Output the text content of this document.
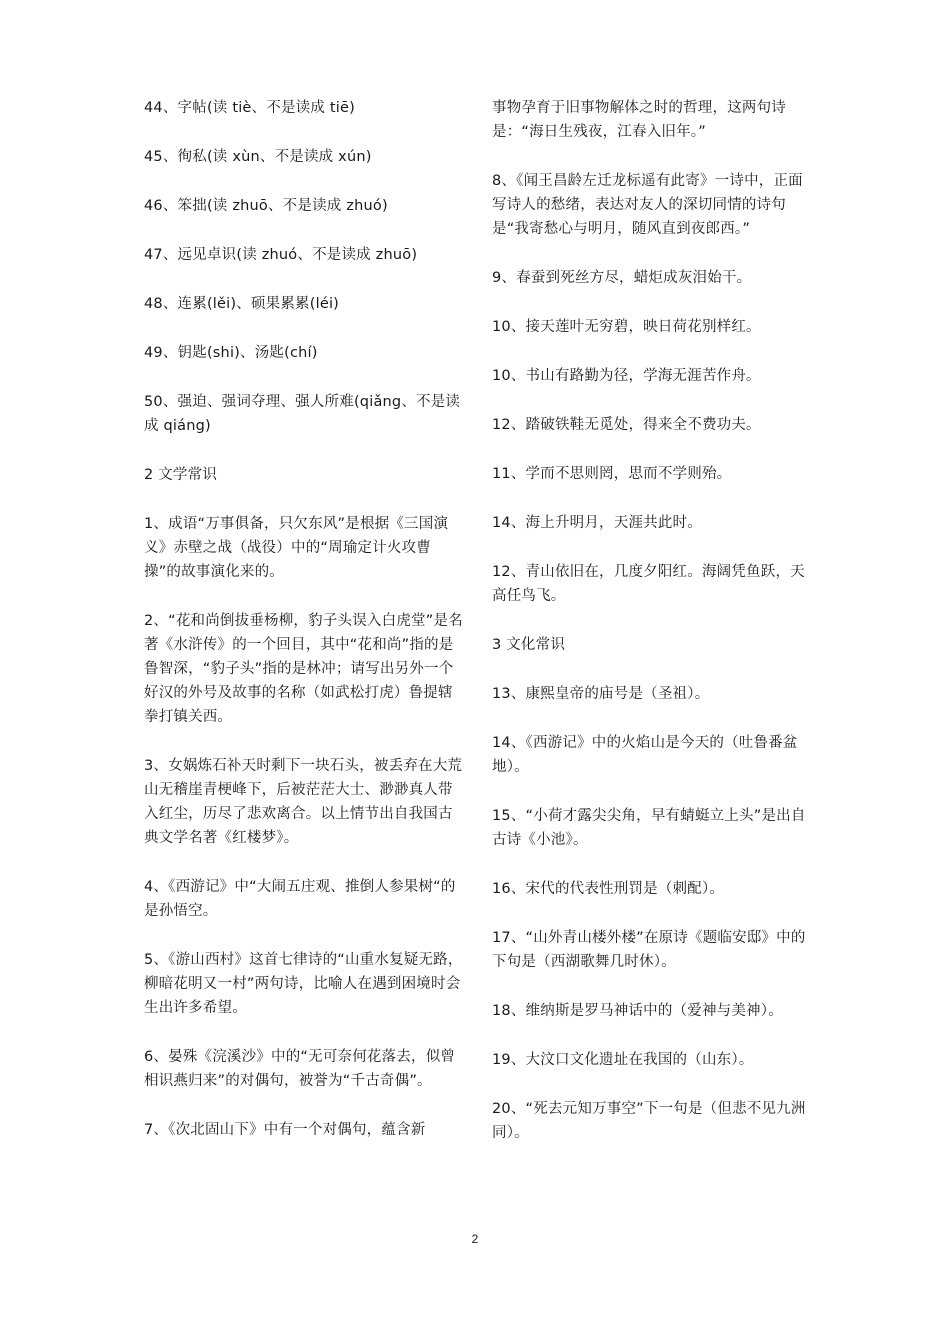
44、字帖(读 tiè、不是读成 tiē)

45、徇私(读 xùn、不是读成 xún)

46、笨拙(读 zhuō、不是读成 zhuó)

47、远见卓识(读 zhuó、不是读成 zhuō)

48、连累(lěi)、硕果累累(léi)

49、钥匙(shi)、汤匙(chí)

50、强迫、强词夺理、强人所难(qiǎng、不是读成 qiáng)

2 文学常识

1、成语“万事俱备，只欠东风”是根据《三国演义》赤壁之战（战役）中的“周瑜定计火攻曹操”的故事演化来的。

2、“花和尚倒拔垂杨柳，豹子头误入白虎堂”是名著《水浒传》的一个回目，其中“花和尚”指的是鲁智深，“豹子头”指的是林冲；请写出另外一个好汉的外号及故事的名称（如武松打虎）鲁提辖拳打镇关西。

3、女娲炼石补天时剩下一块石头，被丢弃在大荒山无稽崖青梗峰下，后被茫茫大士、渺渺真人带入红尘，历尽了悲欢离合。以上情节出自我国古典文学名著《红楼梦》。

4、《西游记》中“大闹五庄观、推倒人参果树“的是孙悟空。

5、《游山西村》这首七律诗的“山重水复疑无路，柳暗花明又一村”两句诗，比喻人在遇到困境时会生出许多希望。

6、晏殊《浣溪沙》中的“无可奈何花落去，似曾相识燕归来”的对偶句，被誉为“千古奇偶”。

7、《次北固山下》中有一个对偶句，蕴含新

事物孕育于旧事物解体之时的哲理，这两句诗是：“海日生残夜，江春入旧年。”

8、《闻王昌龄左迁龙标遥有此寄》一诗中，正面写诗人的愁绪，表达对友人的深切同情的诗句是“我寄愁心与明月，随风直到夜郎西。”

9、春蚕到死丝方尽，蜡炬成灰泪始干。

10、接天莲叶无穷碧，映日荷花别样红。

10、书山有路勤为径，学海无涯苦作舟。

12、踏破铁鞋无觅处，得来全不费功夫。

11、学而不思则罔，思而不学则殆。

14、海上升明月，天涯共此时。

12、青山依旧在，几度夕阳红。海阔凭鱼跃，天高任鸟飞。

3 文化常识

13、康熙皇帝的庙号是（圣祖）。

14、《西游记》中的火焰山是今天的（吐鲁番盆地）。

15、“小荷才露尖尖角，早有蜻蜓立上头”是出自古诗《小池》。

16、宋代的代表性刑罚是（刺配）。

17、“山外青山楼外楼”在原诗《题临安邸》中的下句是（西湖歌舞几时休）。

18、维纳斯是罗马神话中的（爱神与美神）。

19、大汶口文化遗址在我国的（山东）。

20、“死去元知万事空”下一句是（但悲不见九洲同）。

2
